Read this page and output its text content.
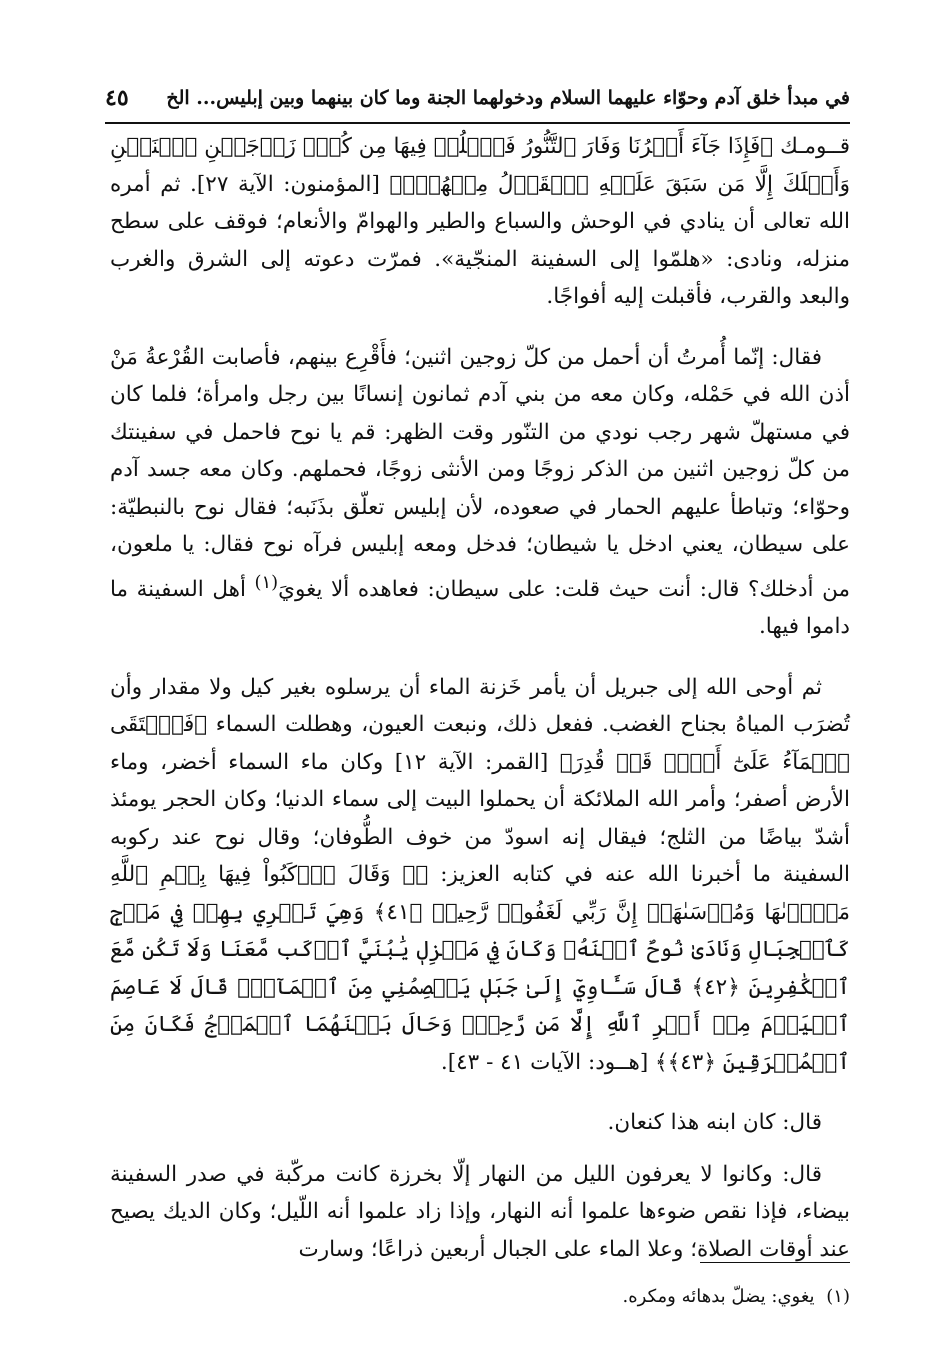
في مبدأ خلق آدم وحوّاء عليهما السلام ودخولهما الجنة وما كان بينهما وبين إبليس... الخ
٤٥

قــومـك ﴿فَإِذَا جَآءَ أَمۡرُنَا وَفَارَ ٱلتَّنُّورُ فَٱسۡلُكۡ فِيهَا مِن كُلّٖ زَوۡجَيۡنِ ٱثۡنَيۡنِ وَأَهۡلَكَ إِلَّا مَن سَبَقَ عَلَيۡهِ ٱلۡقَوۡلُ مِنۡهُمۡۖ﴾ [المؤمنون: الآية ٢٧]. ثم أمره الله تعالى أن ينادي في الوحش والسباع والطير والهوامّ والأنعام؛ فوقف على سطح منزله، ونادى: «هلمّوا إلى السفينة المنجّية». فمرّت دعوته إلى الشرق والغرب والبعد والقرب، فأقبلت إليه أفواجًا.

فقال: إنّما أُمرتُ أن أحمل من كلّ زوجين اثنين؛ فأَقْرِع بينهم، فأصابت القُرْعةُ مَنْ أذن الله في حَمْله، وكان معه من بني آدم ثمانون إنسانًا بين رجل وامرأة؛ فلما كان في مستهلّ شهر رجب نودي من التنّور وقت الظهر: قم يا نوح فاحمل في سفينتك من كلّ زوجين اثنين من الذكر زوجًا ومن الأنثى زوجًا، فحملهم. وكان معه جسد آدم وحوّاء؛ وتباطأ عليهم الحمار في صعوده، لأن إبليس تعلّق بذَنَبه؛ فقال نوح بالنبطيّة: على سيطان، يعني ادخل يا شيطان؛ فدخل ومعه إبليس فرآه نوح فقال: يا ملعون، من أدخلك؟ قال: أنت حيث قلت: على سيطان: فعاهده ألا يغويَ$^{(١)}$ أهل السفينة ما داموا فيها.

ثم أوحى الله إلى جبريل أن يأمر خَزنة الماء أن يرسلوه بغير كيل ولا مقدار وأن تُضرَب المياهُ بجناح الغضب. ففعل ذلك، ونبعت العيون، وهطلت السماء ﴿فَٱلۡتَقَى ٱلۡمَآءُ عَلَىٰٓ أَمۡرٖ قَدۡ قُدِرَ﴾ [القمر: الآية ١٢] وكان ماء السماء أخضر، وماء الأرض أصفر؛ وأمر الله الملائكة أن يحملوا البيت إلى سماء الدنيا؛ وكان الحجر يومئذ أشدّ بياضًا من الثلج؛ فيقال إنه اسودّ من خوف الطُّوفان؛ وقال نوح عند ركوبه السفينة ما أخبرنا الله عنه في كتابه العزيز: ﴿۞ وَقَالَ ٱرۡكَبُواْ فِيهَا بِسۡمِ ٱللَّهِ مَجۡرٜىٰهَا وَمُرۡسَىٰهَآۚ إِنَّ رَبِّي لَغَفُورٞ رَّحِيمٞ ﴿٤١﴾ وَهِيَ تَجۡرِي بِهِمۡ فِي مَوۡجٖ كَٱلۡجِبَالِ وَنَادَىٰ نُوحٌ ٱبۡنَهُۥ وَكَانَ فِي مَعۡزِلٖ يَٰبُنَيَّ ٱرۡكَب مَّعَنَا وَلَا تَكُن مَّعَ ٱلۡكَٰفِرِينَ ﴿٤٢﴾ قَالَ سَـَٔاوِيٓ إِلَىٰ جَبَلٖ يَعۡصِمُنِي مِنَ ٱلۡمَآءِۚ قَالَ لَا عَاصِمَ ٱلۡيَوۡمَ مِنۡ أَمۡرِ ٱللَّهِ إِلَّا مَن رَّحِمَۚ وَحَالَ بَيۡنَهُمَا ٱلۡمَوۡجُ فَكَانَ مِنَ ٱلۡمُغۡرَقِينَ ﴿٤٣﴾﴾ [هــود: الآيات ٤١ - ٤٣].

قال: كان ابنه هذا كنعان.

قال: وكانوا لا يعرفون الليل من النهار إلّا بخرزة كانت مركّبة في صدر السفينة بيضاء، فإذا نقص ضوءها علموا أنه النهار، وإذا زاد علموا أنه اللّيل؛ وكان الديك يصيح عند أوقات الصلاة؛ وعلا الماء على الجبال أربعين ذراعًا؛ وسارت

(١) يغوي: يضلّ بدهائه ومكره.
